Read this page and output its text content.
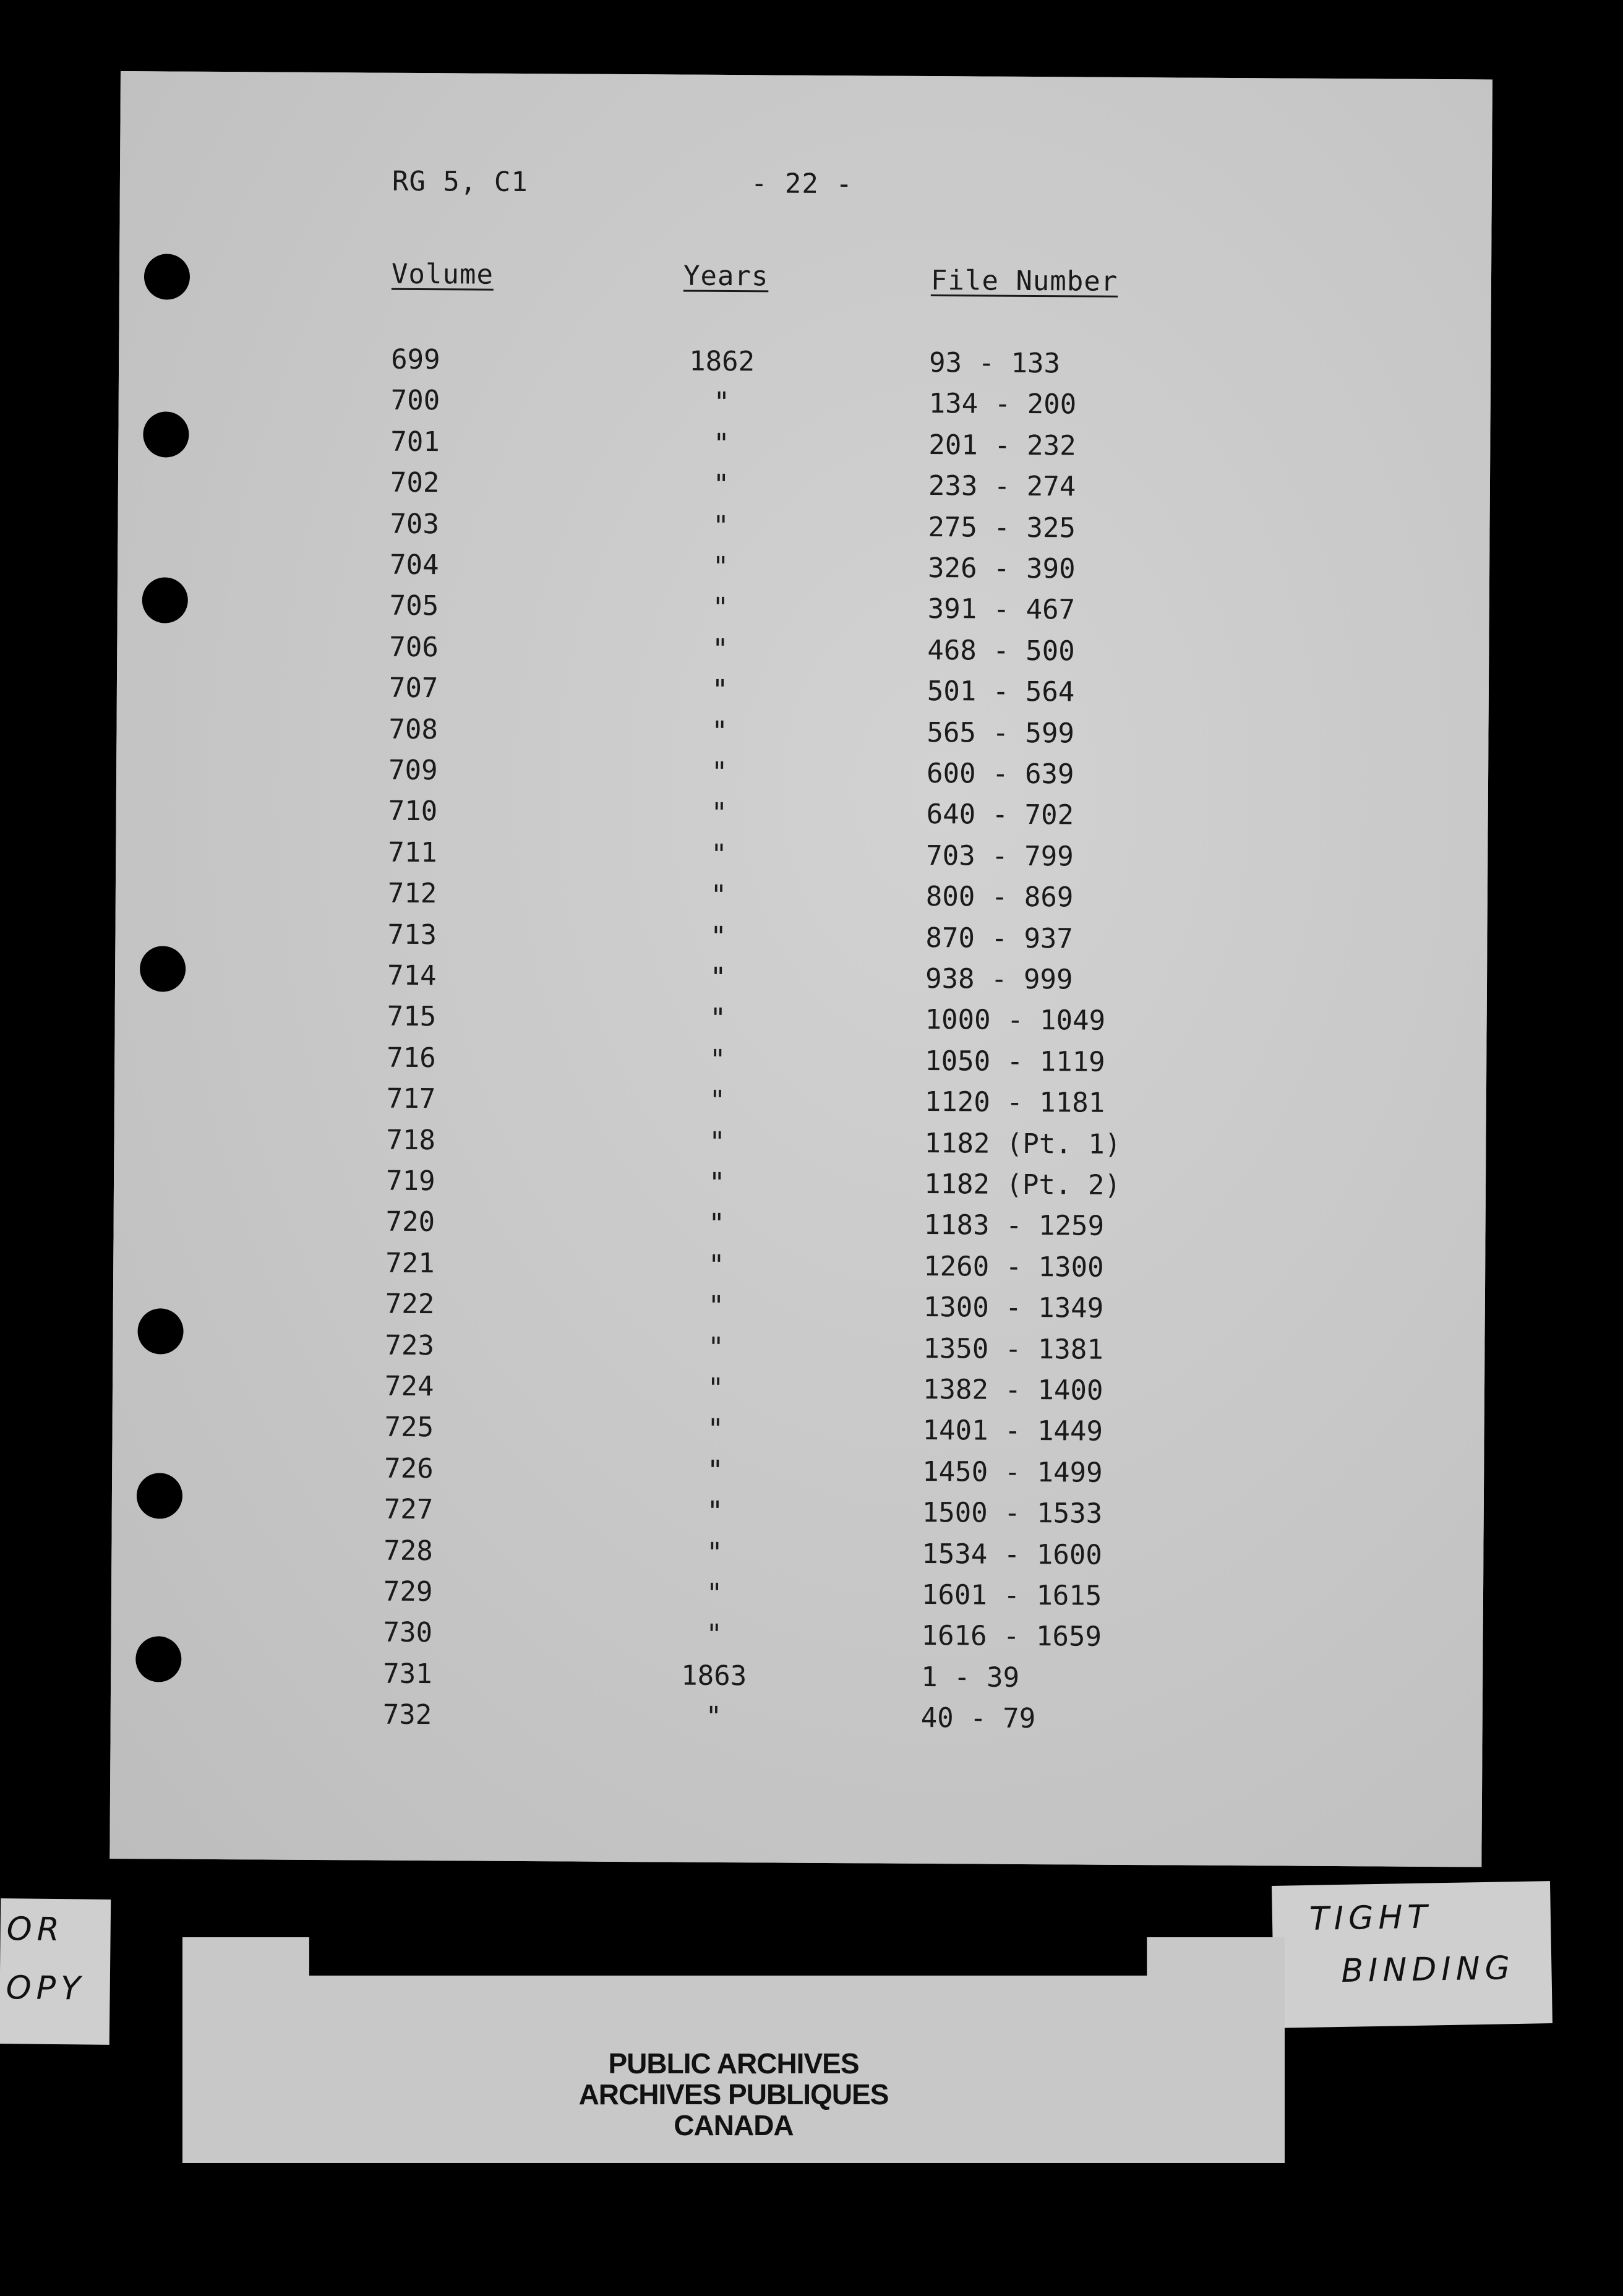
RG 5, C1	- 22 -
Volume	Years	File Number
699	1862	93 - 133
700	"	134 - 200
701	"	201 - 232
702	"	233 - 274
703	"	275 - 325
704	"	326 - 390
705	"	391 - 467
706	"	468 - 500
707	"	501 - 564
708	"	565 - 599
709	"	600 - 639
710	"	640 - 702
711	"	703 - 799
712	"	800 - 869
713	"	870 - 937
714	"	938 - 999
715	"	1000 - 1049
716	"	1050 - 1119
717	"	1120 - 1181
718	"	1182 (Pt. 1)
719	"	1182 (Pt. 2)
720	"	1183 - 1259
721	"	1260 - 1300
722	"	1300 - 1349
723	"	1350 - 1381
724	"	1382 - 1400
725	"	1401 - 1449
726	"	1450 - 1499
727	"	1500 - 1533
728	"	1534 - 1600
729	"	1601 - 1615
730	"	1616 - 1659
731	1863	1 - 39
732	"	40 - 79

OR

OPY

TIGHT

BINDING

PUBLIC ARCHIVES
ARCHIVES PUBLIQUES
CANADA
